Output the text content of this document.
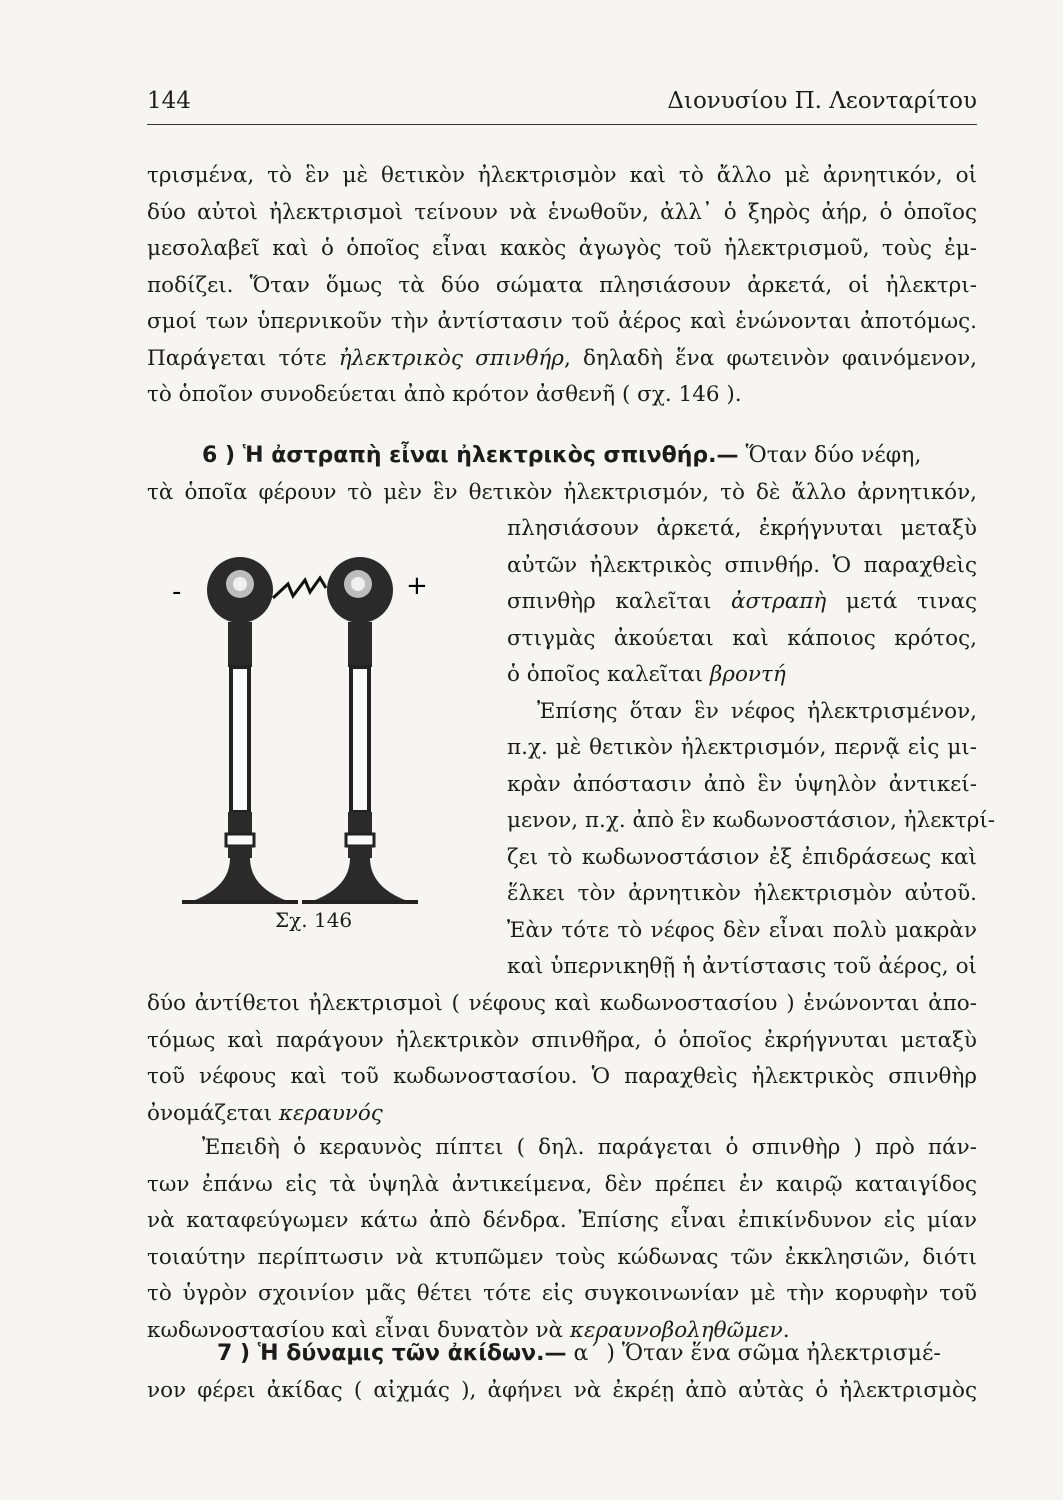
144	Διονυσίου Π. Λεονταρίτου
τρισμένα, τὸ ἓν μὲ θετικὸν ἠλεκτρισμὸν καὶ τὸ ἄλλο μὲ ἀρνητικόν, οἱ
δύο αὐτοὶ ἠλεκτρισμοὶ τείνουν νὰ ἑνωθοῦν, ἀλλ᾽ ὁ ξηρὸς ἀήρ, ὁ ὁποῖος
μεσολαβεῖ καὶ ὁ ὁποῖος εἶναι κακὸς ἀγωγὸς τοῦ ἠλεκτρισμοῦ, τοὺς ἐμ-
ποδίζει. Ὅταν ὅμως τὰ δύο σώματα πλησιάσουν ἀρκετά, οἱ ἠλεκτρι-
σμοί των ὑπερνικοῦν τὴν ἀντίστασιν τοῦ ἀέρος καὶ ἑνώνονται ἀποτόμως.
Παράγεται τότε ἠλεκτρικὸς σπινθήρ, δηλαδὴ ἕνα φωτεινὸν φαινόμενον,
τὸ ὁποῖον συνοδεύεται ἀπὸ κρότον ἀσθενῆ ( σχ. 146 ).
6 ) Ἡ ἀστραπὴ εἶναι ἠλεκτρικὸς σπινθήρ.— Ὅταν δύο νέφη,
τὰ ὁποῖα φέρουν τὸ μὲν ἓν θετικὸν ἠλεκτρισμόν, τὸ δὲ ἄλλο ἀρνητικόν,
-	+
Σχ. 146
πλησιάσουν ἀρκετά, ἐκρήγνυται μεταξὺ
αὐτῶν ἠλεκτρικὸς σπινθήρ. Ὁ παραχθεὶς
σπινθὴρ καλεῖται ἀστραπὴ μετά τινας
στιγμὰς ἀκούεται καὶ κάποιος κρότος,
ὁ ὁποῖος καλεῖται βροντή
Ἐπίσης ὅταν ἓν νέφος ἠλεκτρισμένον,
π.χ. μὲ θετικὸν ἠλεκτρισμόν, περνᾷ εἰς μι-
κρὰν ἀπόστασιν ἀπὸ ἓν ὑψηλὸν ἀντικεί-
μενον, π.χ. ἀπὸ ἓν κωδωνοστάσιον, ἠλεκτρί-
ζει τὸ κωδωνοστάσιον ἐξ ἐπιδράσεως καὶ
ἕλκει τὸν ἀρνητικὸν ἠλεκτρισμὸν αὐτοῦ.
Ἐὰν τότε τὸ νέφος δὲν εἶναι πολὺ μακρὰν
καὶ ὑπερνικηθῇ ἡ ἀντίστασις τοῦ ἀέρος, οἱ
δύο ἀντίθετοι ἠλεκτρισμοὶ ( νέφους καὶ κωδωνοστασίου ) ἑνώνονται ἀπο-
τόμως καὶ παράγουν ἠλεκτρικὸν σπινθῆρα, ὁ ὁποῖος ἐκρήγνυται μεταξὺ
τοῦ νέφους καὶ τοῦ κωδωνοστασίου. Ὁ παραχθεὶς ἠλεκτρικὸς σπινθὴρ
ὀνομάζεται κεραυνός
Ἐπειδὴ ὁ κεραυνὸς πίπτει ( δηλ. παράγεται ὁ σπινθὴρ ) πρὸ πάν-
των ἐπάνω εἰς τὰ ὑψηλὰ ἀντικείμενα, δὲν πρέπει ἐν καιρῷ καταιγίδος
νὰ καταφεύγωμεν κάτω ἀπὸ δένδρα. Ἐπίσης εἶναι ἐπικίνδυνον εἰς μίαν
τοιαύτην περίπτωσιν νὰ κτυπῶμεν τοὺς κώδωνας τῶν ἐκκλησιῶν, διότι
τὸ ὑγρὸν σχοινίον μᾶς θέτει τότε εἰς συγκοινωνίαν μὲ τὴν κορυφὴν τοῦ
κωδωνοστασίου καὶ εἶναι δυνατὸν νὰ κεραυνοβοληθῶμεν.
7 ) Ἡ δύναμις τῶν ἀκίδων.— α΄ ) Ὅταν ἕνα σῶμα ἠλεκτρισμέ-
νον φέρει ἀκίδας ( αἰχμάς ), ἀφήνει νὰ ἐκρέῃ ἀπὸ αὐτὰς ὁ ἠλεκτρισμὸς
